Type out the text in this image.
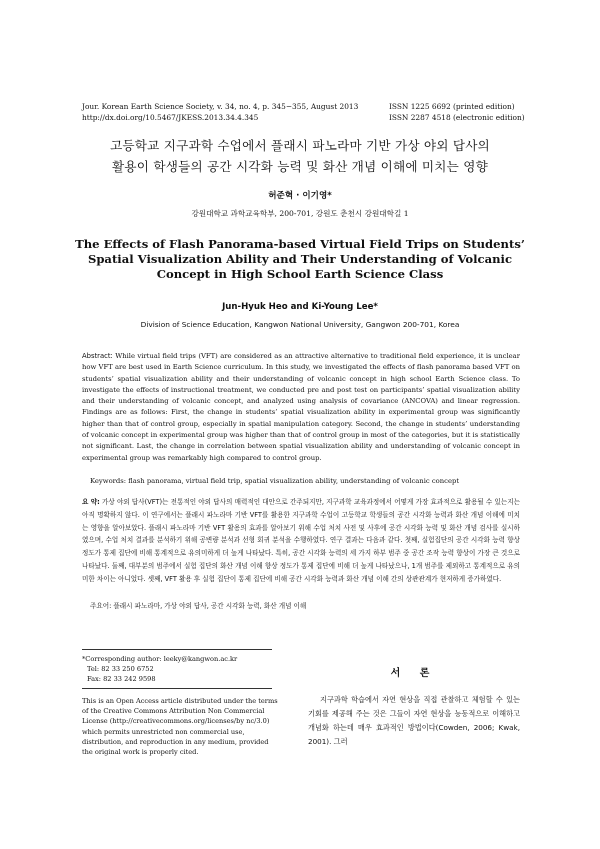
Jour. Korean Earth Science Society, v. 34, no. 4, p. 345−355, August 2013
http://dx.doi.org/10.5467/JKESS.2013.34.4.345
ISSN 1225 6692 (printed edition)
ISSN 2287 4518 (electronic edition)
고등학교 지구과학 수업에서 플래시 파노라마 기반 가상 야외 답사의
활용이 학생들의 공간 시각화 능력 및 화산 개념 이해에 미치는 영향
허준혁 · 이기영*
강원대학교 과학교육학부, 200-701, 강원도 춘천시 강원대학길 1
The Effects of Flash Panorama-based Virtual Field Trips on Students’
Spatial Visualization Ability and Their Understanding of Volcanic
Concept in High School Earth Science Class
Jun-Hyuk Heo and Ki-Young Lee*
Division of Science Education, Kangwon National University, Gangwon 200-701, Korea
Abstract: While virtual field trips (VFT) are considered as an attractive alternative to traditional field experience, it is unclear how VFT are best used in Earth Science curriculum. In this study, we investigated the effects of flash panorama based VFT on students’ spatial visualization ability and their understanding of volcanic concept in high school Earth Science class. To investigate the effects of instructional treatment, we conducted pre and post test on participants’ spatial visualization ability and their understanding of volcanic concept, and analyzed using analysis of covariance (ANCOVA) and linear regression. Findings are as follows: First, the change in students’ spatial visualization ability in experimental group was significantly higher than that of control group, especially in spatial manipulation category. Second, the change in students’ understanding of volcanic concept in experimental group was higher than that of control group in most of the categories, but it is statistically not significant. Last, the change in correlation between spatial visualization ability and understanding of volcanic concept in experimental group was remarkably high compared to control group.
Keywords: flash panorama, virtual field trip, spatial visualization ability, understanding of volcanic concept
요 약: 가상 야외 답사(VFT)는 전통적인 야외 답사의 매력적인 대안으로 간주되지만, 지구과학 교육과정에서 어떻게 가장 효과적으로 활용될 수 있는지는 아직 명확하지 않다. 이 연구에서는 플래시 파노라마 기반 VFT를 활용한 지구과학 수업이 고등학교 학생들의 공간 시각화 능력과 화산 개념 이해에 미치는 영향을 알아보았다. 플래시 파노라마 기반 VFT 활용의 효과를 알아보기 위해 수업 처치 사전 및 사후에 공간 시각화 능력 및 화산 개념 검사를 실시하였으며, 수업 처치 결과를 분석하기 위해 공변량 분석과 선형 회귀 분석을 수행하였다. 연구 결과는 다음과 같다. 첫째, 실험집단의 공간 시각화 능력 향상 정도가 통제 집단에 비해 통계적으로 유의미하게 더 높게 나타났다. 특히, 공간 시각화 능력의 세 가지 하부 범주 중 공간 조작 능력 향상이 가장 큰 것으로 나타났다. 둘째, 대부분의 범주에서 실험 집단의 화산 개념 이해 향상 정도가 통제 집단에 비해 더 높게 나타났으나, 1개 범주를 제외하고 통계적으로 유의미한 차이는 아니었다. 셋째, VFT 활용 후 실험 집단이 통제 집단에 비해 공간 시각화 능력과 화산 개념 이해 간의 상관관계가 현저하게 증가하였다.
주요어: 플래시 파노라마, 가상 야외 답사, 공간 시각화 능력, 화산 개념 이해
*Corresponding author: leeky@kangwon.ac.kr
Tel: 82 33 250 6752
Fax: 82 33 242 9598
This is an Open Access article distributed under the terms of the Creative Commons Attribution Non Commercial License (http://creativecommons.org/licenses/by nc/3.0) which permits unrestricted non commercial use, distribution, and reproduction in any medium, provided the original work is properly cited.
서 론
지구과학 학습에서 자연 현상을 직접 관찰하고 체험할 수 있는 기회를 제공해 주는 것은 그들이 자연 현상을 능동적으로 이해하고 개념화 하는데 매우 효과적인 방법이다(Cowden, 2006; Kwak, 2001). 그러
